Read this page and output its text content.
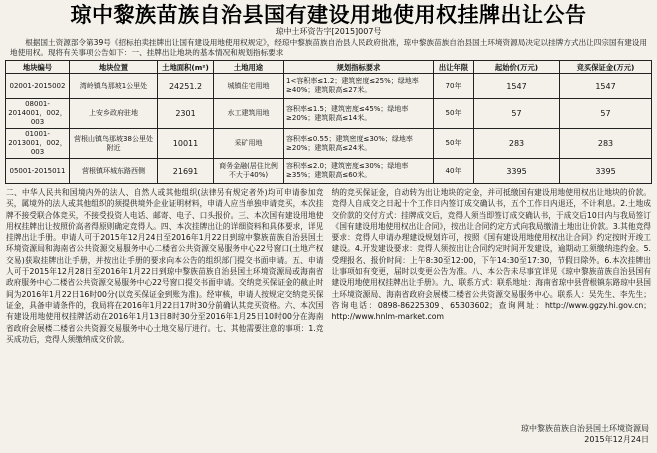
琼中黎族苗族自治县国有建设用地使用权挂牌出让公告
琼中土环资告字[2015]007号
根据国土资源部令第39号《招标拍卖挂牌出让国有建设用地使用权规定》，经琼中黎族苗族自治县人民政府批准，琼中黎族苗族自治县国土环境资源局决定以挂牌方式出让四宗国有建设用地使用权。现将有关事项公告如下：一、挂牌出让地块的基本情况和规划指标要求
地块编号	地块位置	土地面积(m²)	土地用途	规划指标要求	出让年限	起始价(万元)	竞买保证金(万元)
02001-2015002	湾岭镇鸟那坡1公里处	24251.2	城镇住宅用地	1<容积率≤1.2；建筑密度≤25%；绿地率≥40%；建筑限高≤27米。	70年	1547	1547
08001-2014001，002，003	上安乡政府驻地	2301	水工建筑用地	容积率≤1.5；建筑密度≤45%；绿地率≥20%；建筑限高≤14米。	50年	57	57
01001-2013001，002，003	营根山镇鸟那坡38公里处附近	10011	采矿用地	容积率≤0.55；建筑密度≤30%；绿地率≥20%；建筑限高≤24米。	50年	283	283
05001-2015011	营根镇环城东路西侧	21691	商务金融(居住比例不大于40%)	容积率≤2.0；建筑密度≤30%；绿地率≥35%；建筑限高≤60米。	40年	3395	3395
二、中华人民共和国境内外的法人、自然人或其他组织(法律另有规定者外)均可申请参加竞买，属境外的法人或其他组织的须提供境外企业证明材料，申请人应当单独申请竞买，本次挂牌不接受联合体竞买，不接受投资人电话、邮寄、电子、口头报价。三、本次国有建设用地使用权挂牌出让按照价高者得原则确定竞得人。四、本次挂牌出让的详细资料和具体要求，详见挂牌出让手册。申请人可于2015年12月24日至2016年1月22日到琼中黎族苗族自治县国土环境资源局和海南省公共资源交易服务中心二楼省公共资源交易服务中心22号窗口(土地产权交易)获取挂牌出让手册，并按出让手册的要求向本公告的组织部门提交书面申请。五、申请人可于2015年12月28日至2016年1月22日到琼中黎族苗族自治县国土环境资源局或海南省政府服务中心二楼省公共资源交易服务中心22号窗口提交书面申请。交纳竞买保证金的截止时间为2016年1月22日16时00分(以竞买保证金到账为准)。经审核，申请人按规定交纳竞买保证金，具备申请条件的，我局将在2016年1月22日17时30分前确认其竞买资格。六、本次国有建设用地使用权挂牌活动在2016年1月13日8时30分至2016年1月25日10时00分在海南省政府会展楼二楼省公共资源交易服务中心土地交易厅进行。七、其他需要注意的事项：1.竞买成功后，竞得人须缴纳成交价款。
纳的竞买保证金，自动转为出让地块的定金，并可抵缴国有建设用地使用权出让地块的价款。竞得人自成交之日起十个工作日内签订成交确认书，五个工作日内退还，不计利息。2.土地成交价款的交付方式：挂牌成交后，竞得人须当即签订成交确认书，于成交后10日内与我局签订《国有建设用地使用权出让合同》，按出让合同约定方式向我局缴清土地出让价款。3.其他竞得要求：竞得人申请办理建设规划许可，按照《国有建设用地使用权出让合同》约定按时开竣工建设。4.开发建设要求：竞得人须按出让合同约定时间开发建设，逾期动工须缴纳违约金。5.受理报名、报价时间：上午8:30至12:00，下午14:30至17:30，节假日除外。6.本次挂牌出让事项如有变更，届时以变更公告为准。八、本公告未尽事宜详见《琼中黎族苗族自治县国有建设用地使用权挂牌出让手册》。九、联系方式：联系地址：海南省琼中县营根镇东路琼中县国土环境资源局、海南省政府会展楼二楼省公共资源交易服务中心。联系人：吴先生、李先生；咨询电话：0898-86225309、65303602；查询网址：http://www.ggzy.hi.gov.cn；http://www.hnlm-market.com
琼中黎族苗族自治县国土环境资源局
2015年12月24日
